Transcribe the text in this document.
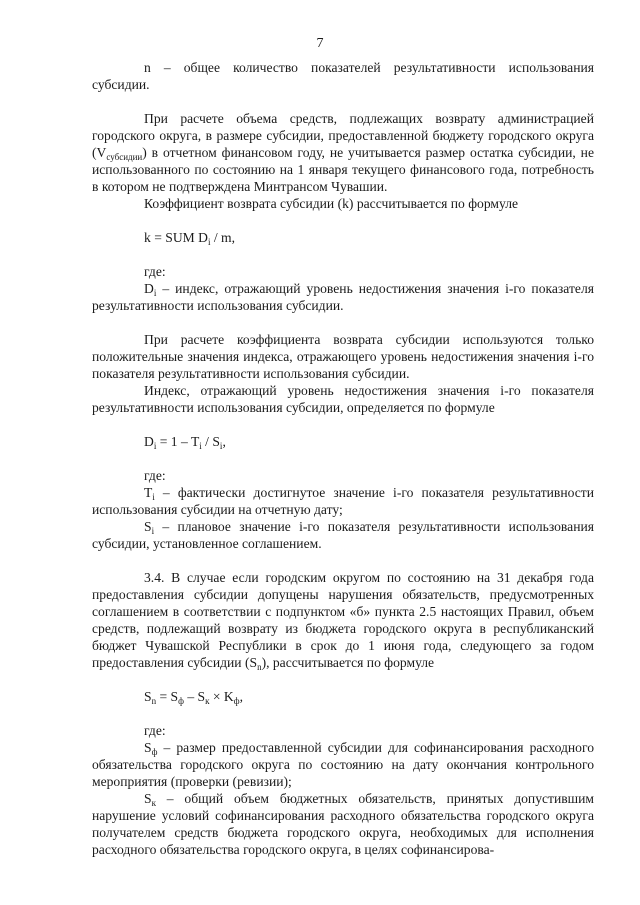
7

n – общее количество показателей результативности использования субсидии.

При расчете объема средств, подлежащих возврату администрацией городского округа, в размере субсидии, предоставленной бюджету городского округа $(V_{субсидии})$ в отчетном финансовом году, не учитывается размер остатка субсидии, не использованного по состоянию на 1 января текущего финансового года, потребность в котором не подтверждена Минтрансом Чувашии.

Коэффициент возврата субсидии (k) рассчитывается по формуле

k = SUM $D_i$ / m,

где:

$D_i$ – индекс, отражающий уровень недостижения значения i-го показателя результативности использования субсидии.

При расчете коэффициента возврата субсидии используются только положительные значения индекса, отражающего уровень недостижения значения i-го показателя результативности использования субсидии.

Индекс, отражающий уровень недостижения значения i-го показателя результативности использования субсидии, определяется по формуле

$D_i = 1 - T_i / S_i$,

где:

$T_i$ – фактически достигнутое значение i-го показателя результативности использования субсидии на отчетную дату;

$S_i$ – плановое значение i-го показателя результативности использования субсидии, установленное соглашением.

3.4. В случае если городским округом по состоянию на 31 декабря года предоставления субсидии допущены нарушения обязательств, предусмотренных соглашением в соответствии с подпунктом «б» пункта 2.5 настоящих Правил, объем средств, подлежащий возврату из бюджета городского округа в республиканский бюджет Чувашской Республики в срок до 1 июня года, следующего за годом предоставления субсидии $(S_n)$, рассчитывается по формуле

$S_n = S_ф - S_к \times K_ф$,

где:

$S_ф$ – размер предоставленной субсидии для софинансирования расходного обязательства городского округа по состоянию на дату окончания контрольного мероприятия (проверки (ревизии);

$S_к$ – общий объем бюджетных обязательств, принятых допустившим нарушение условий софинансирования расходного обязательства городского округа получателем средств бюджета городского округа, необходимых для исполнения расходного обязательства городского округа, в целях софинансирова-
